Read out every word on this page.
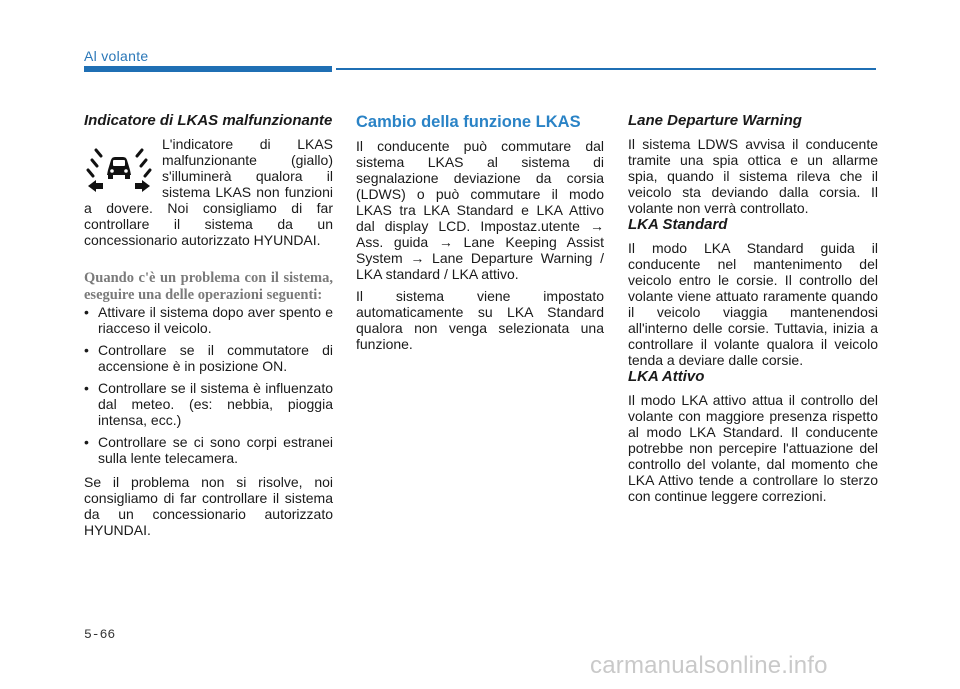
Al volante
Indicatore di LKAS malfunzionante

L'indicatore di LKAS malfunzionante (giallo) s'illuminerà qualora il sistema LKAS non funzioni a dovere. Noi consigliamo di far controllare il sistema da un concessionario autorizzato HYUNDAI.

Quando c'è un problema con il sistema, eseguire una delle operazioni seguenti:

• Attivare il sistema dopo aver spento e riacceso il veicolo.
• Controllare se il commutatore di accensione è in posizione ON.
• Controllare se il sistema è influenzato dal meteo. (es: nebbia, pioggia intensa, ecc.)
• Controllare se ci sono corpi estranei sulla lente telecamera.

Se il problema non si risolve, noi consigliamo di far controllare il sistema da un concessionario autorizzato HYUNDAI.

Cambio della funzione LKAS

Il conducente può commutare dal sistema LKAS al sistema di segnalazione deviazione da corsia (LDWS) o può commutare il modo LKAS tra LKA Standard e LKA Attivo dal display LCD. Impostaz.utente → Ass. guida → Lane Keeping Assist System → Lane Departure Warning / LKA standard / LKA attivo.

Il sistema viene impostato automaticamente su LKA Standard qualora non venga selezionata una funzione.

Lane Departure Warning

Il sistema LDWS avvisa il conducente tramite una spia ottica e un allarme spia, quando il sistema rileva che il veicolo sta deviando dalla corsia. Il volante non verrà controllato.

LKA Standard

Il modo LKA Standard guida il conducente nel mantenimento del veicolo entro le corsie. Il controllo del volante viene attuato raramente quando il veicolo viaggia mantenendosi all'interno delle corsie. Tuttavia, inizia a controllare il volante qualora il veicolo tenda a deviare dalle corsie.

LKA Attivo

Il modo LKA attivo attua il controllo del volante con maggiore presenza rispetto al modo LKA Standard. Il conducente potrebbe non percepire l'attuazione del controllo del volante, dal momento che LKA Attivo tende a controllare lo sterzo con continue leggere correzioni.

5-66
carmanualsonline.info
